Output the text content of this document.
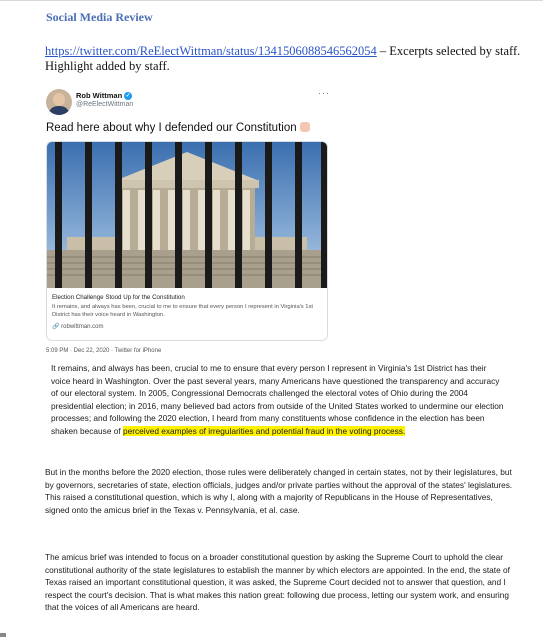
Social Media Review
https://twitter.com/ReElectWittman/status/1341506088546562054 – Excerpts selected by staff. Highlight added by staff.
Rob Wittman ✓
@ReElectWittman
···
Read here about why I defended our Constitution
Election Challenge Stood Up for the Constitution
It remains, and always has been, crucial to me to ensure that every person I represent in Virginia's 1st District has their voice heard in Washington.
🔗 robwittman.com
5:09 PM · Dec 22, 2020 · Twitter for iPhone
It remains, and always has been, crucial to me to ensure that every person I represent in Virginia's 1st District has their voice heard in Washington. Over the past several years, many Americans have questioned the transparency and accuracy of our electoral system. In 2005, Congressional Democrats challenged the electoral votes of Ohio during the 2004 presidential election; in 2016, many believed bad actors from outside of the United States worked to undermine our election processes; and following the 2020 election, I heard from many constituents whose confidence in the election has been shaken because of perceived examples of irregularities and potential fraud in the voting process.
But in the months before the 2020 election, those rules were deliberately changed in certain states, not by their legislatures, but by governors, secretaries of state, election officials, judges and/or private parties without the approval of the states' legislatures. This raised a constitutional question, which is why I, along with a majority of Republicans in the House of Representatives, signed onto the amicus brief in the Texas v. Pennsylvania, et al. case.
The amicus brief was intended to focus on a broader constitutional question by asking the Supreme Court to uphold the clear constitutional authority of the state legislatures to establish the manner by which electors are appointed. In the end, the state of Texas raised an important constitutional question, it was asked, the Supreme Court decided not to answer that question, and I respect the court's decision. That is what makes this nation great: following due process, letting our system work, and ensuring that the voices of all Americans are heard.
